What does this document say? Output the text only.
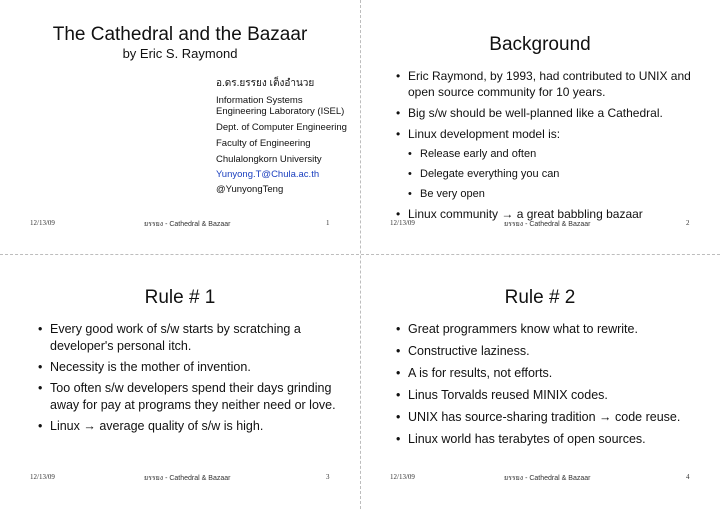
The Cathedral and the Bazaar
by Eric S. Raymond
อ.ดร.ยรรยง เต็งอำนวย
Information Systems
Engineering Laboratory (ISEL)
Dept. of Computer Engineering
Faculty of Engineering
Chulalongkorn University
Yunyong.T@Chula.ac.th
@YunyongTeng
12/13/09	ยรรยง - Cathedral & Bazaar	1
Background
• Eric Raymond, by 1993, had contributed to UNIX and open source community for 10 years.
• Big s/w should be well-planned like a Cathedral.
• Linux development model is:
• Release early and often
• Delegate everything you can
• Be very open
• Linux community → a great babbling bazaar
12/13/09	ยรรยง - Cathedral & Bazaar	2
Rule # 1
• Every good work of s/w starts by scratching a developer's personal itch.
• Necessity is the mother of invention.
• Too often s/w developers spend their days grinding away for pay at programs they neither need or love.
• Linux → average quality of s/w is high.
12/13/09	ยรรยง - Cathedral & Bazaar	3
Rule # 2
• Great programmers know what to rewrite.
• Constructive laziness.
• A is for results, not efforts.
• Linus Torvalds reused MINIX codes.
• UNIX has source-sharing tradition → code reuse.
• Linux world has terabytes of open sources.
12/13/09	ยรรยง - Cathedral & Bazaar	4
